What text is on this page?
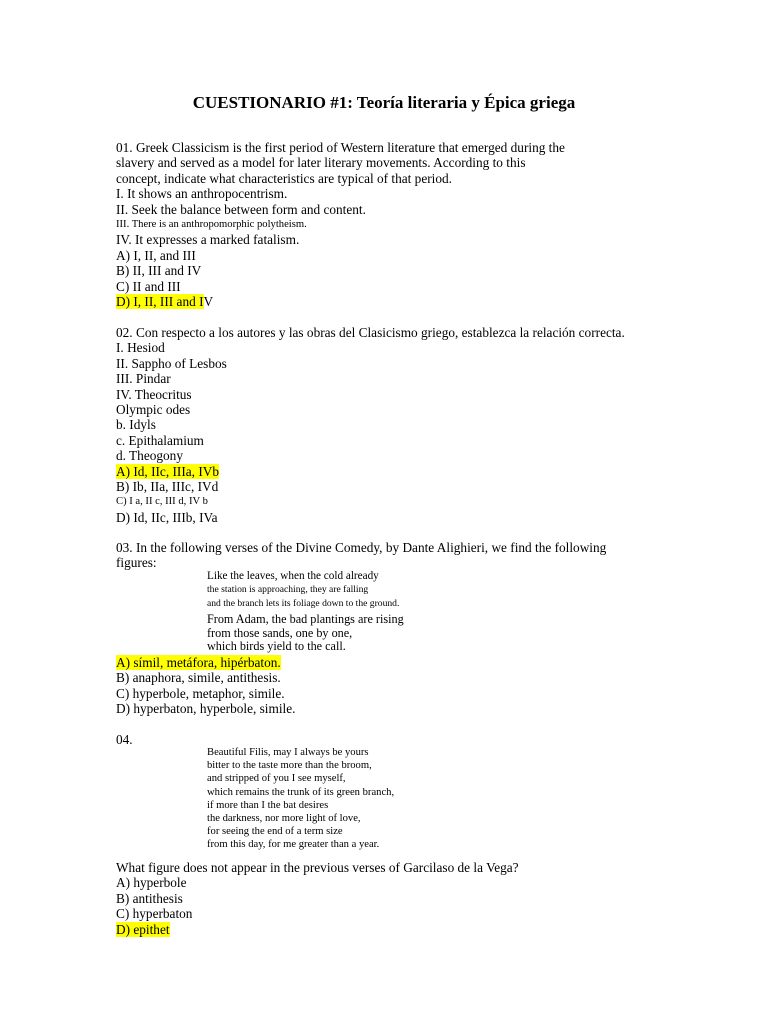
CUESTIONARIO #1: Teoría literaria y Épica griega
01. Greek Classicism is the first period of Western literature that emerged during the
slavery and served as a model for later literary movements. According to this
concept, indicate what characteristics are typical of that period.
I. It shows an anthropocentrism.
II. Seek the balance between form and content.
III. There is an anthropomorphic polytheism.
IV. It expresses a marked fatalism.
A) I, II, and III
B) II, III and IV
C) II and III
D) I, II, III and IV
02. Con respecto a los autores y las obras del Clasicismo griego, establezca la relación correcta.
I. Hesiod
II. Sappho of Lesbos
III. Pindar
IV. Theocritus
Olympic odes
b. Idyls
c. Epithalamium
d. Theogony
A) Id, IIc, IIIa, IVb
B) Ib, IIa, IIIc, IVd
C) I a, II c, III d, IV b
D) Id, IIc, IIIb, IVa
03. In the following verses of the Divine Comedy, by Dante Alighieri, we find the following
figures:
Like the leaves, when the cold already
the station is approaching, they are falling
and the branch lets its foliage down to the ground.
From Adam, the bad plantings are rising
from those sands, one by one,
which birds yield to the call.
A) símil, metáfora, hipérbaton.
B) anaphora, simile, antithesis.
C) hyperbole, metaphor, simile.
D) hyperbaton, hyperbole, simile.
04.
Beautiful Filis, may I always be yours
bitter to the taste more than the broom,
and stripped of you I see myself,
which remains the trunk of its green branch,
if more than I the bat desires
the darkness, nor more light of love,
for seeing the end of a term size
from this day, for me greater than a year.
What figure does not appear in the previous verses of Garcilaso de la Vega?
A) hyperbole
B) antithesis
C) hyperbaton
D) epithet
